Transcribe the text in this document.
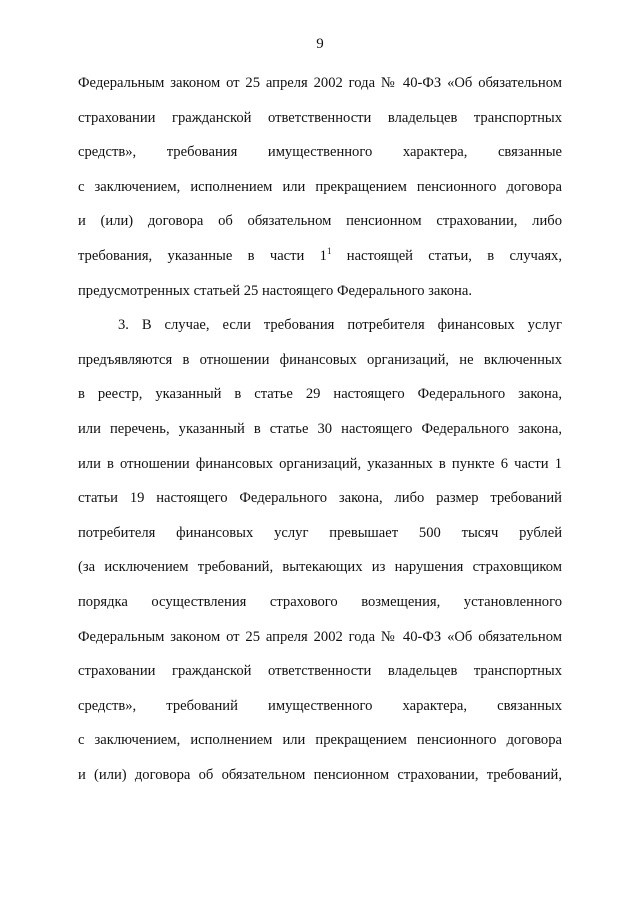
9
Федеральным законом от 25 апреля 2002 года № 40-ФЗ «Об обязательном
страховании гражданской ответственности владельцев транспортных
средств», требования имущественного характера, связанные
с заключением, исполнением или прекращением пенсионного договора
и (или) договора об обязательном пенсионном страховании, либо
требования, указанные в части $1^1$ настоящей статьи, в случаях,
предусмотренных статьей 25 настоящего Федерального закона.
3. В случае, если требования потребителя финансовых услуг
предъявляются в отношении финансовых организаций, не включенных
в реестр, указанный в статье 29 настоящего Федерального закона,
или перечень, указанный в статье 30 настоящего Федерального закона,
или в отношении финансовых организаций, указанных в пункте 6 части 1
статьи 19 настоящего Федерального закона, либо размер требований
потребителя финансовых услуг превышает 500 тысяч рублей
(за исключением требований, вытекающих из нарушения страховщиком
порядка осуществления страхового возмещения, установленного
Федеральным законом от 25 апреля 2002 года № 40-ФЗ «Об обязательном
страховании гражданской ответственности владельцев транспортных
средств», требований имущественного характера, связанных
с заключением, исполнением или прекращением пенсионного договора
и (или) договора об обязательном пенсионном страховании, требований,
